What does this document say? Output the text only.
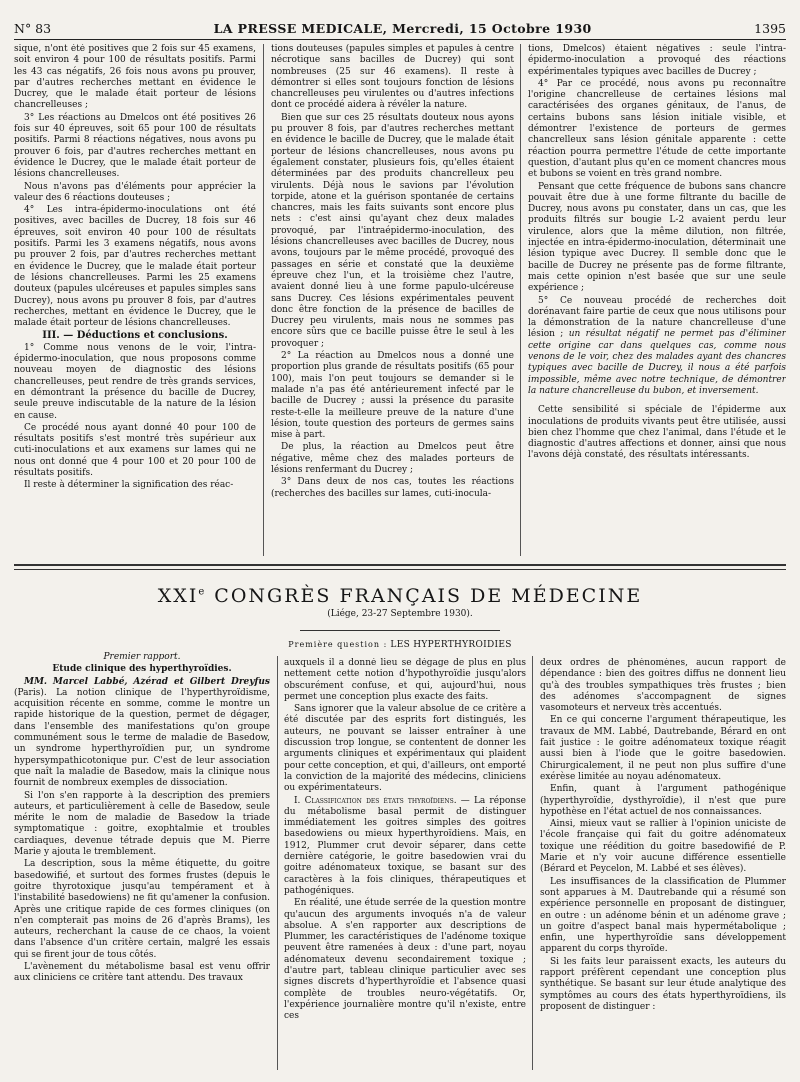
N° 83	LA PRESSE MEDICALE, Mercredi, 15 Octobre 1930	1395

sique, n'ont été positives que 2 fois sur 45 examens, soit environ 4 pour 100 de résultats positifs. Parmi les 43 cas négatifs, 26 fois nous avons pu prouver, par d'autres recherches mettant en évidence le Ducrey, que le malade était porteur de lésions chancrelleuses ;

3° Les réactions au Dmelcos ont été positives 26 fois sur 40 épreuves, soit 65 pour 100 de résultats positifs. Parmi 8 réactions négatives, nous avons pu prouver 6 fois, par d'autres recherches mettant en évidence le Ducrey, que le malade était porteur de lésions chancrelleuses.

Nous n'avons pas d'éléments pour apprécier la valeur des 6 réactions douteuses ;

4° Les intra-épidermo-inoculations ont été positives, avec bacilles de Ducrey, 18 fois sur 46 épreuves, soit environ 40 pour 100 de résultats positifs. Parmi les 3 examens négatifs, nous avons pu prouver 2 fois, par d'autres recherches mettant en évidence le Ducrey, que le malade était porteur de lésions chancrelleuses. Parmi les 25 examens douteux (papules ulcéreuses et papules simples sans Ducrey), nous avons pu prouver 8 fois, par d'autres recherches, mettant en évidence le Ducrey, que le malade était porteur de lésions chancrelleuses.

III. — Déductions et conclusions.

1° Comme nous venons de le voir, l'intra-épidermo-inoculation, que nous proposons comme nouveau moyen de diagnostic des lésions chancrelleuses, peut rendre de très grands services, en démontrant la présence du bacille de Ducrey, seule preuve indiscutable de la nature de la lésion en cause.

Ce procédé nous ayant donné 40 pour 100 de résultats positifs s'est montré très supérieur aux cuti-inoculations et aux examens sur lames qui ne nous ont donné que 4 pour 100 et 20 pour 100 de résultats positifs.

Il reste à déterminer la signification des réac-

tions douteuses (papules simples et papules à centre nécrotique sans bacilles de Ducrey) qui sont nombreuses (25 sur 46 examens). Il reste à démontrer si elles sont toujours fonction de lésions chancrelleuses peu virulentes ou d'autres infections dont ce procédé aidera à révéler la nature.

Bien que sur ces 25 résultats douteux nous ayons pu prouver 8 fois, par d'autres recherches mettant en évidence le bacille de Ducrey, que le malade était porteur de lésions chancrelleuses, nous avons pu également constater, plusieurs fois, qu'elles étaient déterminées par des produits chancrelleux peu virulents. Déjà nous le savions par l'évolution torpide, atone et la guérison spontanée de certains chancres, mais les faits suivants sont encore plus nets : c'est ainsi qu'ayant chez deux malades provoqué, par l'intraépidermo-inoculation, des lésions chancrelleuses avec bacilles de Ducrey, nous avons, toujours par le même procédé, provoqué des passages en série et constaté que la deuxième épreuve chez l'un, et la troisième chez l'autre, avaient donné lieu à une forme papulo-ulcéreuse sans Ducrey. Ces lésions expérimentales peuvent donc être fonction de la présence de bacilles de Ducrey peu virulents, mais nous ne sommes pas encore sûrs que ce bacille puisse être le seul à les provoquer ;

2° La réaction au Dmelcos nous a donné une proportion plus grande de résultats positifs (65 pour 100), mais l'on peut toujours se demander si le malade n'a pas été antérieurement infecté par le bacille de Ducrey ; aussi la présence du parasite reste-t-elle la meilleure preuve de la nature d'une lésion, toute question des porteurs de germes sains mise à part.

De plus, la réaction au Dmelcos peut être négative, même chez des malades porteurs de lésions renfermant du Ducrey ;

3° Dans deux de nos cas, toutes les réactions (recherches des bacilles sur lames, cuti-inocula-

tions, Dmelcos) étaient négatives : seule l'intra-épidermo-inoculation a provoqué des réactions expérimentales typiques avec bacilles de Ducrey ;

4° Par ce procédé, nous avons pu reconnaître l'origine chancrelleuse de certaines lésions mal caractérisées des organes génitaux, de l'anus, de certains bubons sans lésion initiale visible, et démontrer l'existence de porteurs de germes chancrelleux sans lésion génitale apparente : cette réaction pourra permettre l'étude de cette importante question, d'autant plus qu'en ce moment chancres mous et bubons se voient en très grand nombre.

Pensant que cette fréquence de bubons sans chancre pouvait être due à une forme filtrante du bacille de Ducrey, nous avons pu constater, dans un cas, que les produits filtrés sur bougie L-2 avaient perdu leur virulence, alors que la même dilution, non filtrée, injectée en intra-épidermo-inoculation, déterminait une lésion typique avec Ducrey. Il semble donc que le bacille de Ducrey ne présente pas de forme filtrante, mais cette opinion n'est basée que sur une seule expérience ;

5° Ce nouveau procédé de recherches doit dorénavant faire partie de ceux que nous utilisons pour la démonstration de la nature chancrelleuse d'une lésion ; un résultat négatif ne permet pas d'éliminer cette origine car dans quelques cas, comme nous venons de le voir, chez des malades ayant des chancres typiques avec bacille de Ducrey, il nous a été parfois impossible, même avec notre technique, de démontrer la nature chancrelleuse du bubon, et inversement.

Cette sensibilité si spéciale de l'épiderme aux inoculations de produits vivants peut être utilisée, aussi bien chez l'homme que chez l'animal, dans l'étude et le diagnostic d'autres affections et donner, ainsi que nous l'avons déjà constaté, des résultats intéressants.

XXIe CONGRÈS FRANÇAIS DE MÉDECINE
(Liége, 23-27 Septembre 1930).
Première question : LES HYPERTHYROIDIES

Premier rapport.

Etude clinique des hyperthyroïdies.

MM. Marcel Labbé, Azérad et Gilbert Dreyfus (Paris). La notion clinique de l'hyperthyroïdisme, acquisition récente en somme, comme le montre un rapide historique de la question, permet de dégager, dans l'ensemble des manifestations qu'on groupe communément sous le terme de maladie de Basedow, un syndrome hyperthyroïdien pur, un syndrome hypersympathicotonique pur. C'est de leur association que naît la maladie de Basedow, mais la clinique nous fournit de nombreux exemples de dissociation.

Si l'on s'en rapporte à la description des premiers auteurs, et particulièrement à celle de Basedow, seule mérite le nom de maladie de Basedow la triade symptomatique : goitre, exophtalmie et troubles cardiaques, devenue tétrade depuis que M. Pierre Marie y ajouta le tremblement.

La description, sous la même étiquette, du goitre basedowifié, et surtout des formes frustes (depuis le goitre thyrotoxique jusqu'au tempérament et à l'instabilité basedowiens) ne fit qu'amener la confusion. Après une critique rapide de ces formes cliniques (on n'en compterait pas moins de 26 d'après Brams), les auteurs, recherchant la cause de ce chaos, la voient dans l'absence d'un critère certain, malgré les essais qui se firent jour de tous côtés.

L'avènement du métabolisme basal est venu offrir aux cliniciens ce critère tant attendu. Des travaux

auxquels il a donné lieu se dégage de plus en plus nettement cette notion d'hypothyroïdie jusqu'alors obscurément confuse, et qui, aujourd'hui, nous permet une conception plus exacte des faits.

Sans ignorer que la valeur absolue de ce critère a été discutée par des esprits fort distingués, les auteurs, ne pouvant se laisser entraîner à une discussion trop longue, se contentent de donner les arguments cliniques et expérimentaux qui plaident pour cette conception, et qui, d'ailleurs, ont emporté la conviction de la majorité des médecins, cliniciens ou expérimentateurs.

I. Classification des états thyroïdiens. — La réponse du métabolisme basal permit de distinguer immédiatement les goitres simples des goitres basedowiens ou mieux hyperthyroïdiens. Mais, en 1912, Plummer crut devoir séparer, dans cette dernière catégorie, le goitre basedowien vrai du goitre adénomateux toxique, se basant sur des caractères à la fois cliniques, thérapeutiques et pathogéniques.

En réalité, une étude serrée de la question montre qu'aucun des arguments invoqués n'a de valeur absolue. A s'en rapporter aux descriptions de Plummer, les caractéristiques de l'adénome toxique peuvent être ramenées à deux : d'une part, noyau adénomateux devenu secondairement toxique ; d'autre part, tableau clinique particulier avec ses signes discrets d'hyperthyroïdie et l'absence quasi complète de troubles neuro-végétatifs. Or, l'expérience journalière montre qu'il n'existe, entre ces

deux ordres de phénomènes, aucun rapport de dépendance : bien des goitres diffus ne donnent lieu qu'à des troubles sympathiques très frustes ; bien des adénomes s'accompagnent de signes vasomoteurs et nerveux très accentués.

En ce qui concerne l'argument thérapeutique, les travaux de MM. Labbé, Dautrebande, Bérard en ont fait justice : le goitre adénomateux toxique réagit aussi bien à l'iode que le goitre basedowien. Chirurgicalement, il ne peut non plus suffire d'une exérèse limitée au noyau adénomateux.

Enfin, quant à l'argument pathogénique (hyperthyroïdie, dysthyroïdie), il n'est que pure hypothèse en l'état actuel de nos connaissances.

Ainsi, mieux vaut se rallier à l'opinion uniciste de l'école française qui fait du goitre adénomateux toxique une réédition du goitre basedowifié de P. Marie et n'y voir aucune différence essentielle (Bérard et Peycelon, M. Labbé et ses élèves).

Les insuffisances de la classification de Plummer sont apparues à M. Dautrebande qui a résumé son expérience personnelle en proposant de distinguer, en outre : un adénome bénin et un adénome grave ; un goitre d'aspect banal mais hypermétabolique ; enfin, une hyperthyroïdie sans développement apparent du corps thyroïde.

Si les faits leur paraissent exacts, les auteurs du rapport préfèrent cependant une conception plus synthétique. Se basant sur leur étude analytique des symptômes au cours des états hyperthyroïdiens, ils proposent de distinguer :
